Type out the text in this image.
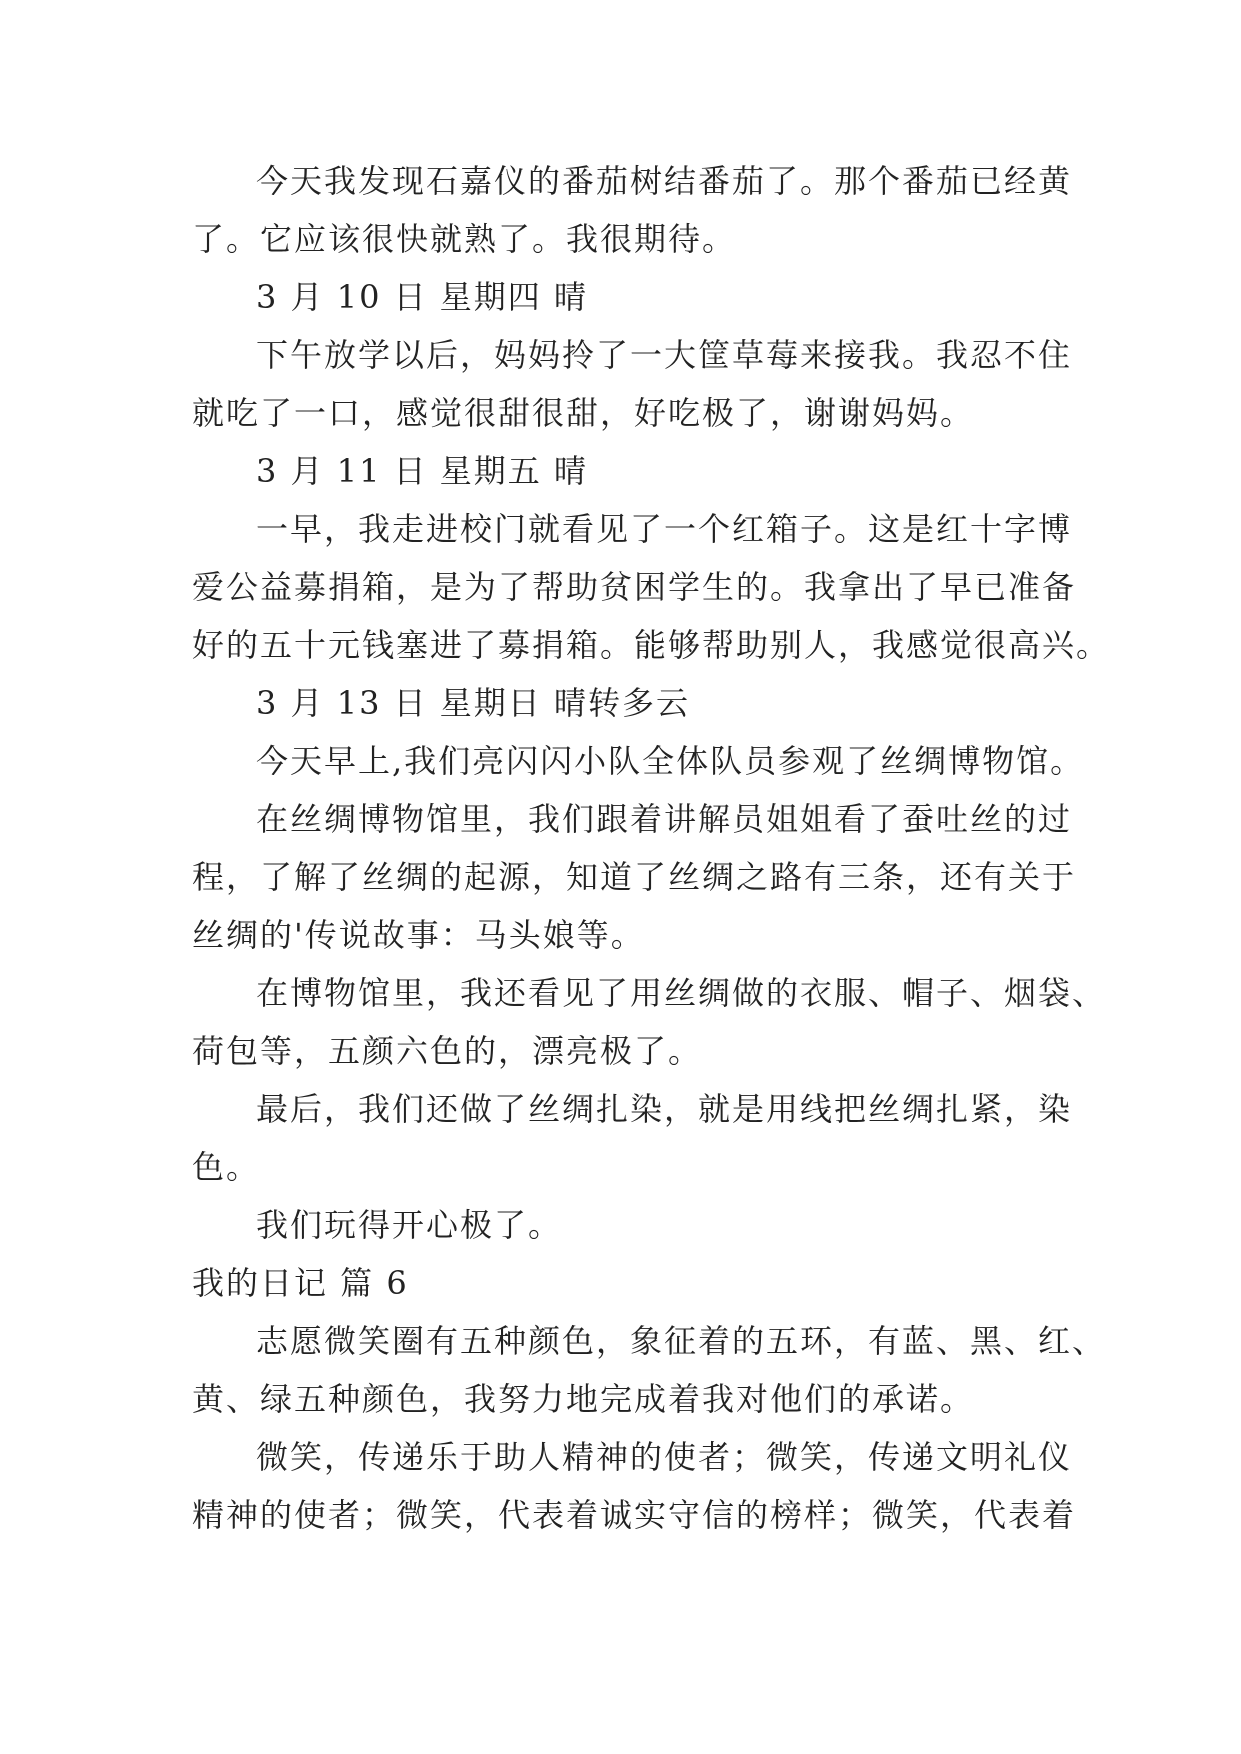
今天我发现石嘉仪的番茄树结番茄了。那个番茄已经黄
了。它应该很快就熟了。我很期待。
3 月 10 日 星期四 晴
下午放学以后，妈妈拎了一大筐草莓来接我。我忍不住
就吃了一口，感觉很甜很甜，好吃极了，谢谢妈妈。
3 月 11 日 星期五 晴
一早，我走进校门就看见了一个红箱子。这是红十字博
爱公益募捐箱，是为了帮助贫困学生的。我拿出了早已准备
好的五十元钱塞进了募捐箱。能够帮助别人，我感觉很高兴。
3 月 13 日 星期日 晴转多云
今天早上,我们亮闪闪小队全体队员参观了丝绸博物馆。
在丝绸博物馆里，我们跟着讲解员姐姐看了蚕吐丝的过
程，了解了丝绸的起源，知道了丝绸之路有三条，还有关于
丝绸的'传说故事：马头娘等。
在博物馆里，我还看见了用丝绸做的衣服、帽子、烟袋、
荷包等，五颜六色的，漂亮极了。
最后，我们还做了丝绸扎染，就是用线把丝绸扎紧，染
色。
我们玩得开心极了。
我的日记 篇 6
志愿微笑圈有五种颜色，象征着的五环，有蓝、黑、红、
黄、绿五种颜色，我努力地完成着我对他们的承诺。
微笑，传递乐于助人精神的使者；微笑，传递文明礼仪
精神的使者；微笑，代表着诚实守信的榜样；微笑，代表着
